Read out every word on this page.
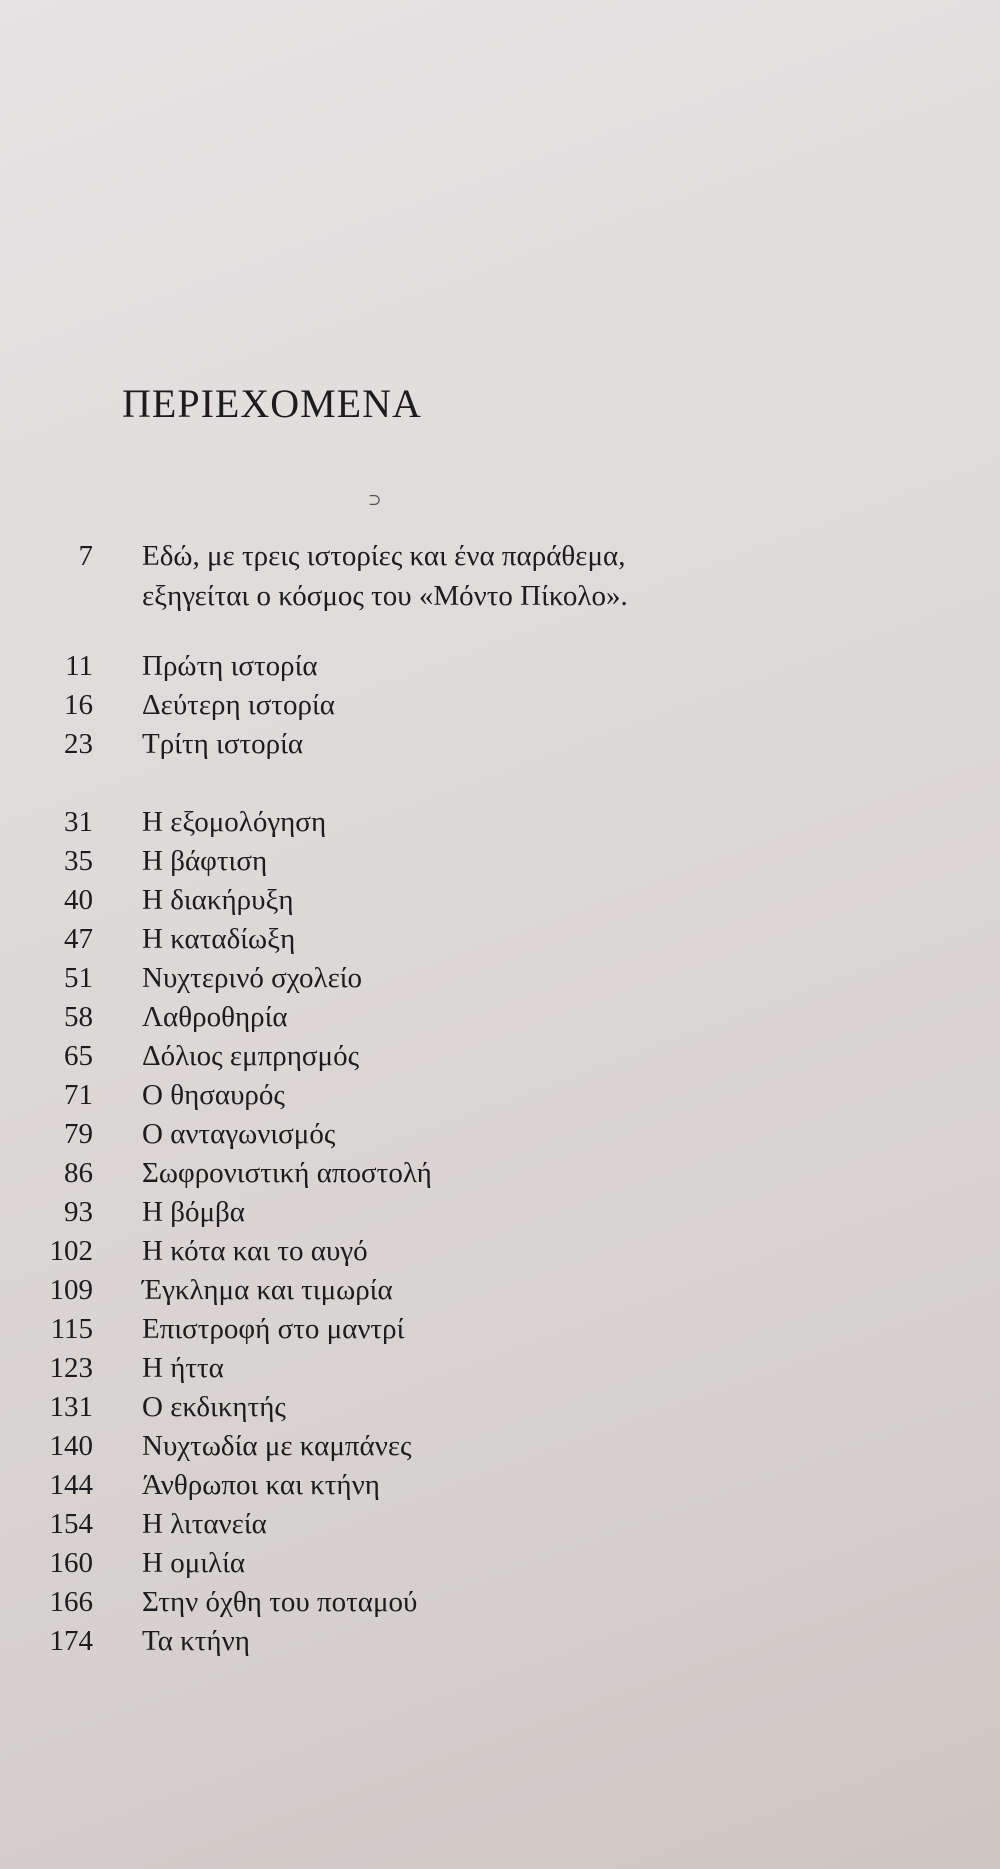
ΠΕΡΙΕΧΟΜΕΝΑ
⊃
7 Εδώ, με τρεις ιστορίες και ένα παράθεμα,
εξηγείται ο κόσμος του «Μόντο Πίκολο».
11 Πρώτη ιστορία
16 Δεύτερη ιστορία
23 Τρίτη ιστορία
31 Η εξομολόγηση
35 Η βάφτιση
40 Η διακήρυξη
47 Η καταδίωξη
51 Νυχτερινό σχολείο
58 Λαθροθηρία
65 Δόλιος εμπρησμός
71 Ο θησαυρός
79 Ο ανταγωνισμός
86 Σωφρονιστική αποστολή
93 Η βόμβα
102 Η κότα και το αυγό
109 Έγκλημα και τιμωρία
115 Επιστροφή στο μαντρί
123 Η ήττα
131 Ο εκδικητής
140 Νυχτωδία με καμπάνες
144 Άνθρωποι και κτήνη
154 Η λιτανεία
160 Η ομιλία
166 Στην όχθη του ποταμού
174 Τα κτήνη
